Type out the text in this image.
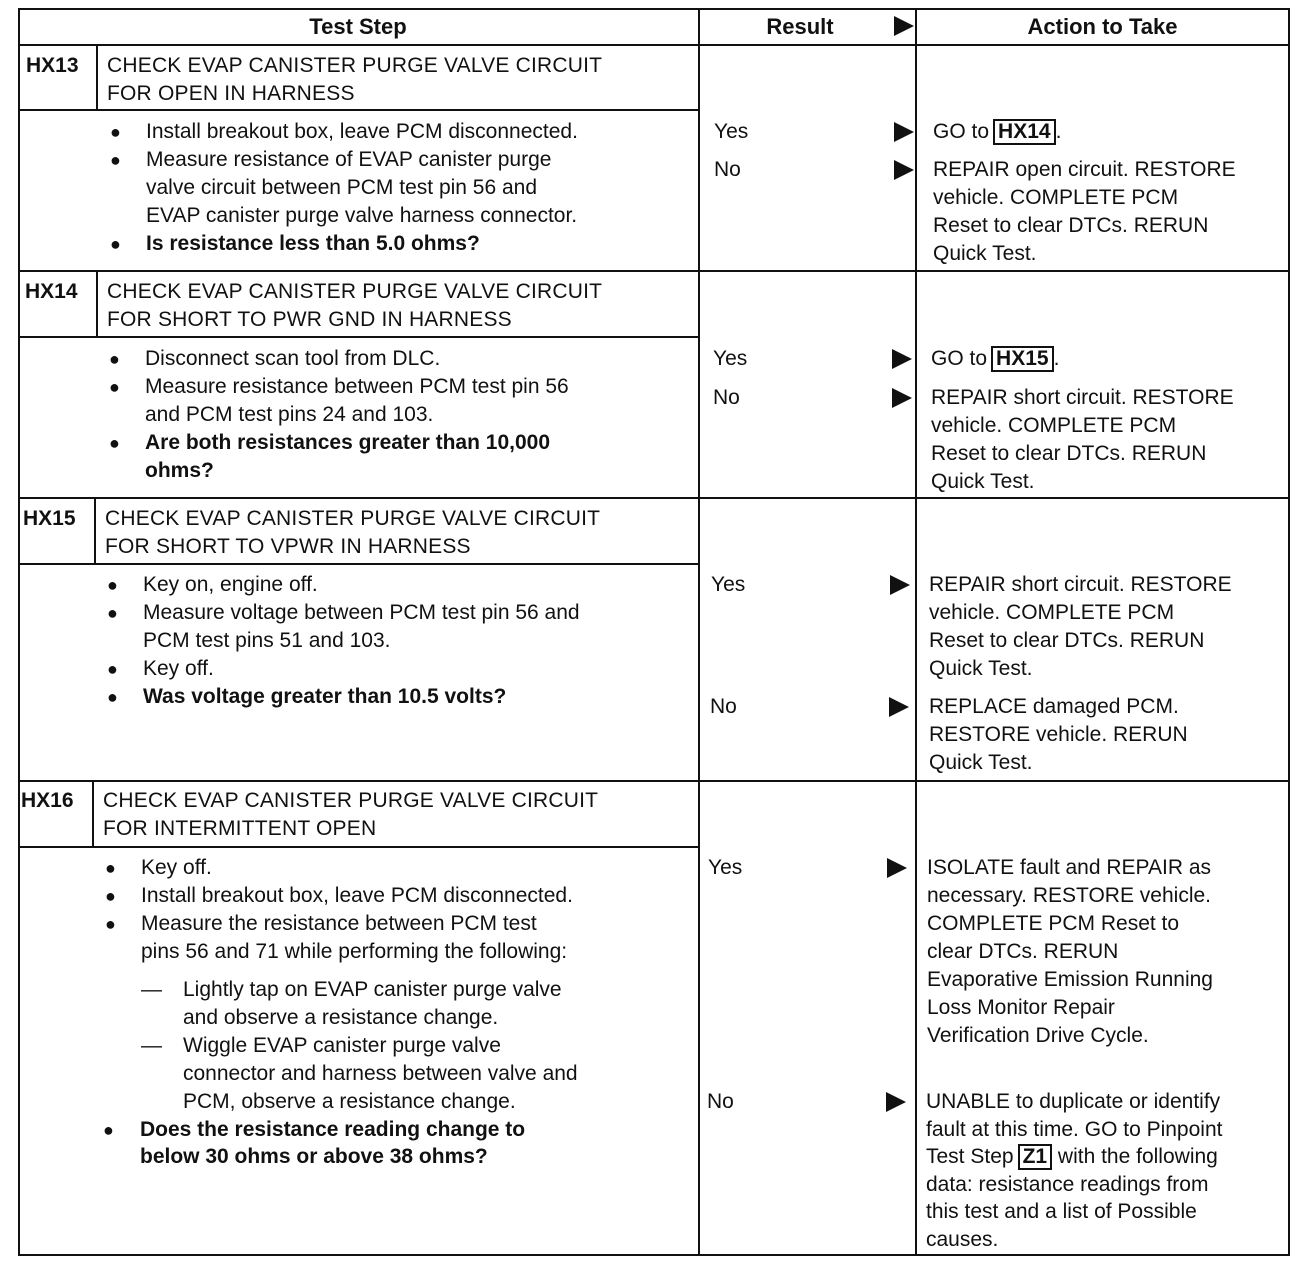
Test Step	Result	Action to Take
HX13 CHECK EVAP CANISTER PURGE VALVE CIRCUIT
FOR OPEN IN HARNESS
● Install breakout box, leave PCM disconnected.
● Measure resistance of EVAP canister purge
valve circuit between PCM test pin 56 and
EVAP canister purge valve harness connector.
● Is resistance less than 5.0 ohms?
Yes
No
GO to HX14 .
REPAIR open circuit. RESTORE
vehicle. COMPLETE PCM
Reset to clear DTCs. RERUN
Quick Test.
HX14 CHECK EVAP CANISTER PURGE VALVE CIRCUIT
FOR SHORT TO PWR GND IN HARNESS
● Disconnect scan tool from DLC.
● Measure resistance between PCM test pin 56
and PCM test pins 24 and 103.
● Are both resistances greater than 10,000
ohms?
Yes
No
GO to HX15 .
REPAIR short circuit. RESTORE
vehicle. COMPLETE PCM
Reset to clear DTCs. RERUN
Quick Test.
HX15 CHECK EVAP CANISTER PURGE VALVE CIRCUIT
FOR SHORT TO VPWR IN HARNESS
● Key on, engine off.
● Measure voltage between PCM test pin 56 and
PCM test pins 51 and 103.
● Key off.
● Was voltage greater than 10.5 volts?
Yes
No
REPAIR short circuit. RESTORE
vehicle. COMPLETE PCM
Reset to clear DTCs. RERUN
Quick Test.
REPLACE damaged PCM.
RESTORE vehicle. RERUN
Quick Test.
HX16 CHECK EVAP CANISTER PURGE VALVE CIRCUIT
FOR INTERMITTENT OPEN
● Key off.
● Install breakout box, leave PCM disconnected.
● Measure the resistance between PCM test
pins 56 and 71 while performing the following:
— Lightly tap on EVAP canister purge valve
and observe a resistance change.
— Wiggle EVAP canister purge valve
connector and harness between valve and
PCM, observe a resistance change.
● Does the resistance reading change to
below 30 ohms or above 38 ohms?
Yes
No
ISOLATE fault and REPAIR as
necessary. RESTORE vehicle.
COMPLETE PCM Reset to
clear DTCs. RERUN
Evaporative Emission Running
Loss Monitor Repair
Verification Drive Cycle.
UNABLE to duplicate or identify
fault at this time. GO to Pinpoint
Test Step Z1 with the following
data: resistance readings from
this test and a list of Possible
causes.
